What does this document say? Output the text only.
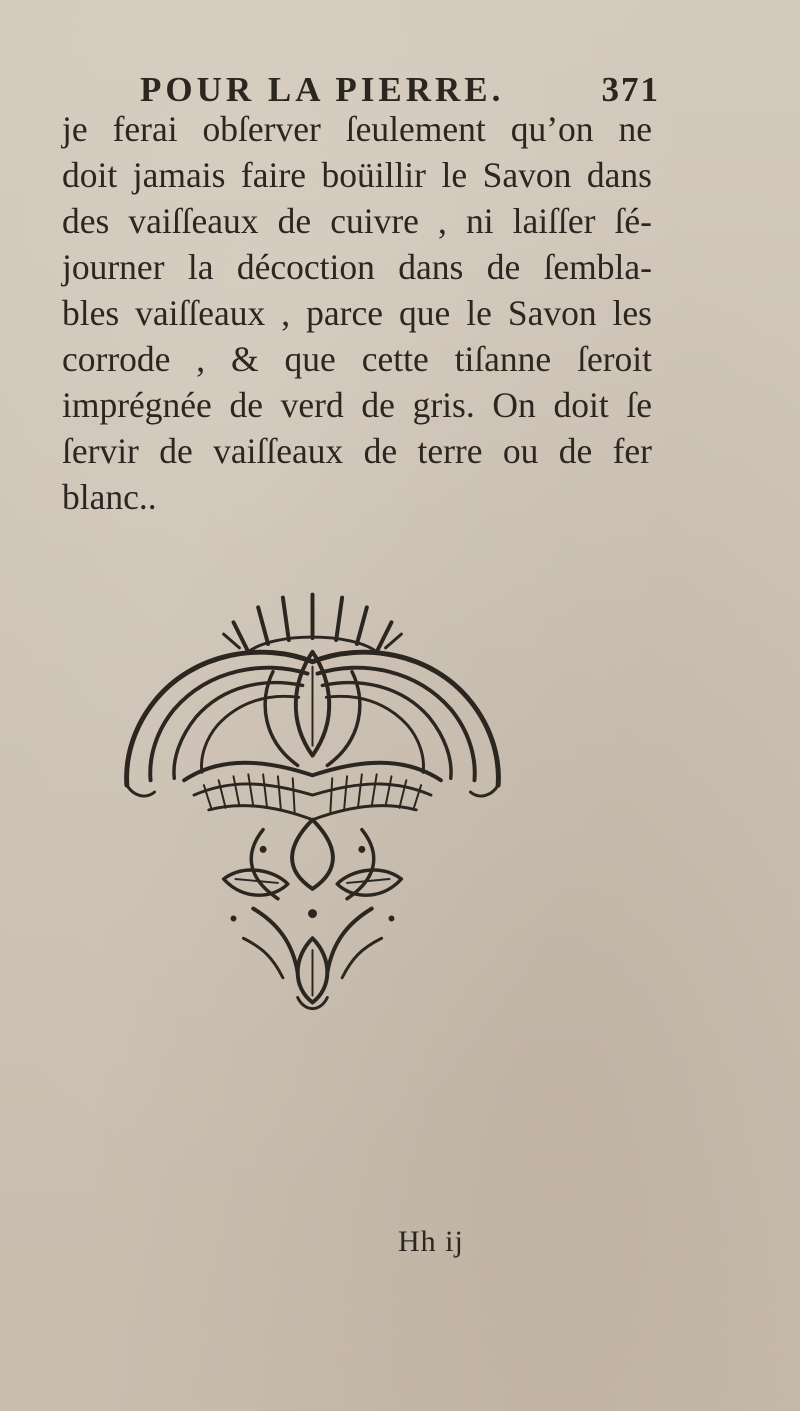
POUR LA PIERRE.	371
je ferai obſerver ſeulement qu’on ne
doit jamais faire boüillir le Savon dans
des vaiſſeaux de cuivre , ni laiſſer ſé-
journer la décoction dans de ſembla-
bles vaiſſeaux , parce que le Savon les
corrode , & que cette tiſanne ſeroit
imprégnée de verd de gris. On doit ſe
ſervir de vaiſſeaux de terre ou de fer
blanc..
Hh ij
